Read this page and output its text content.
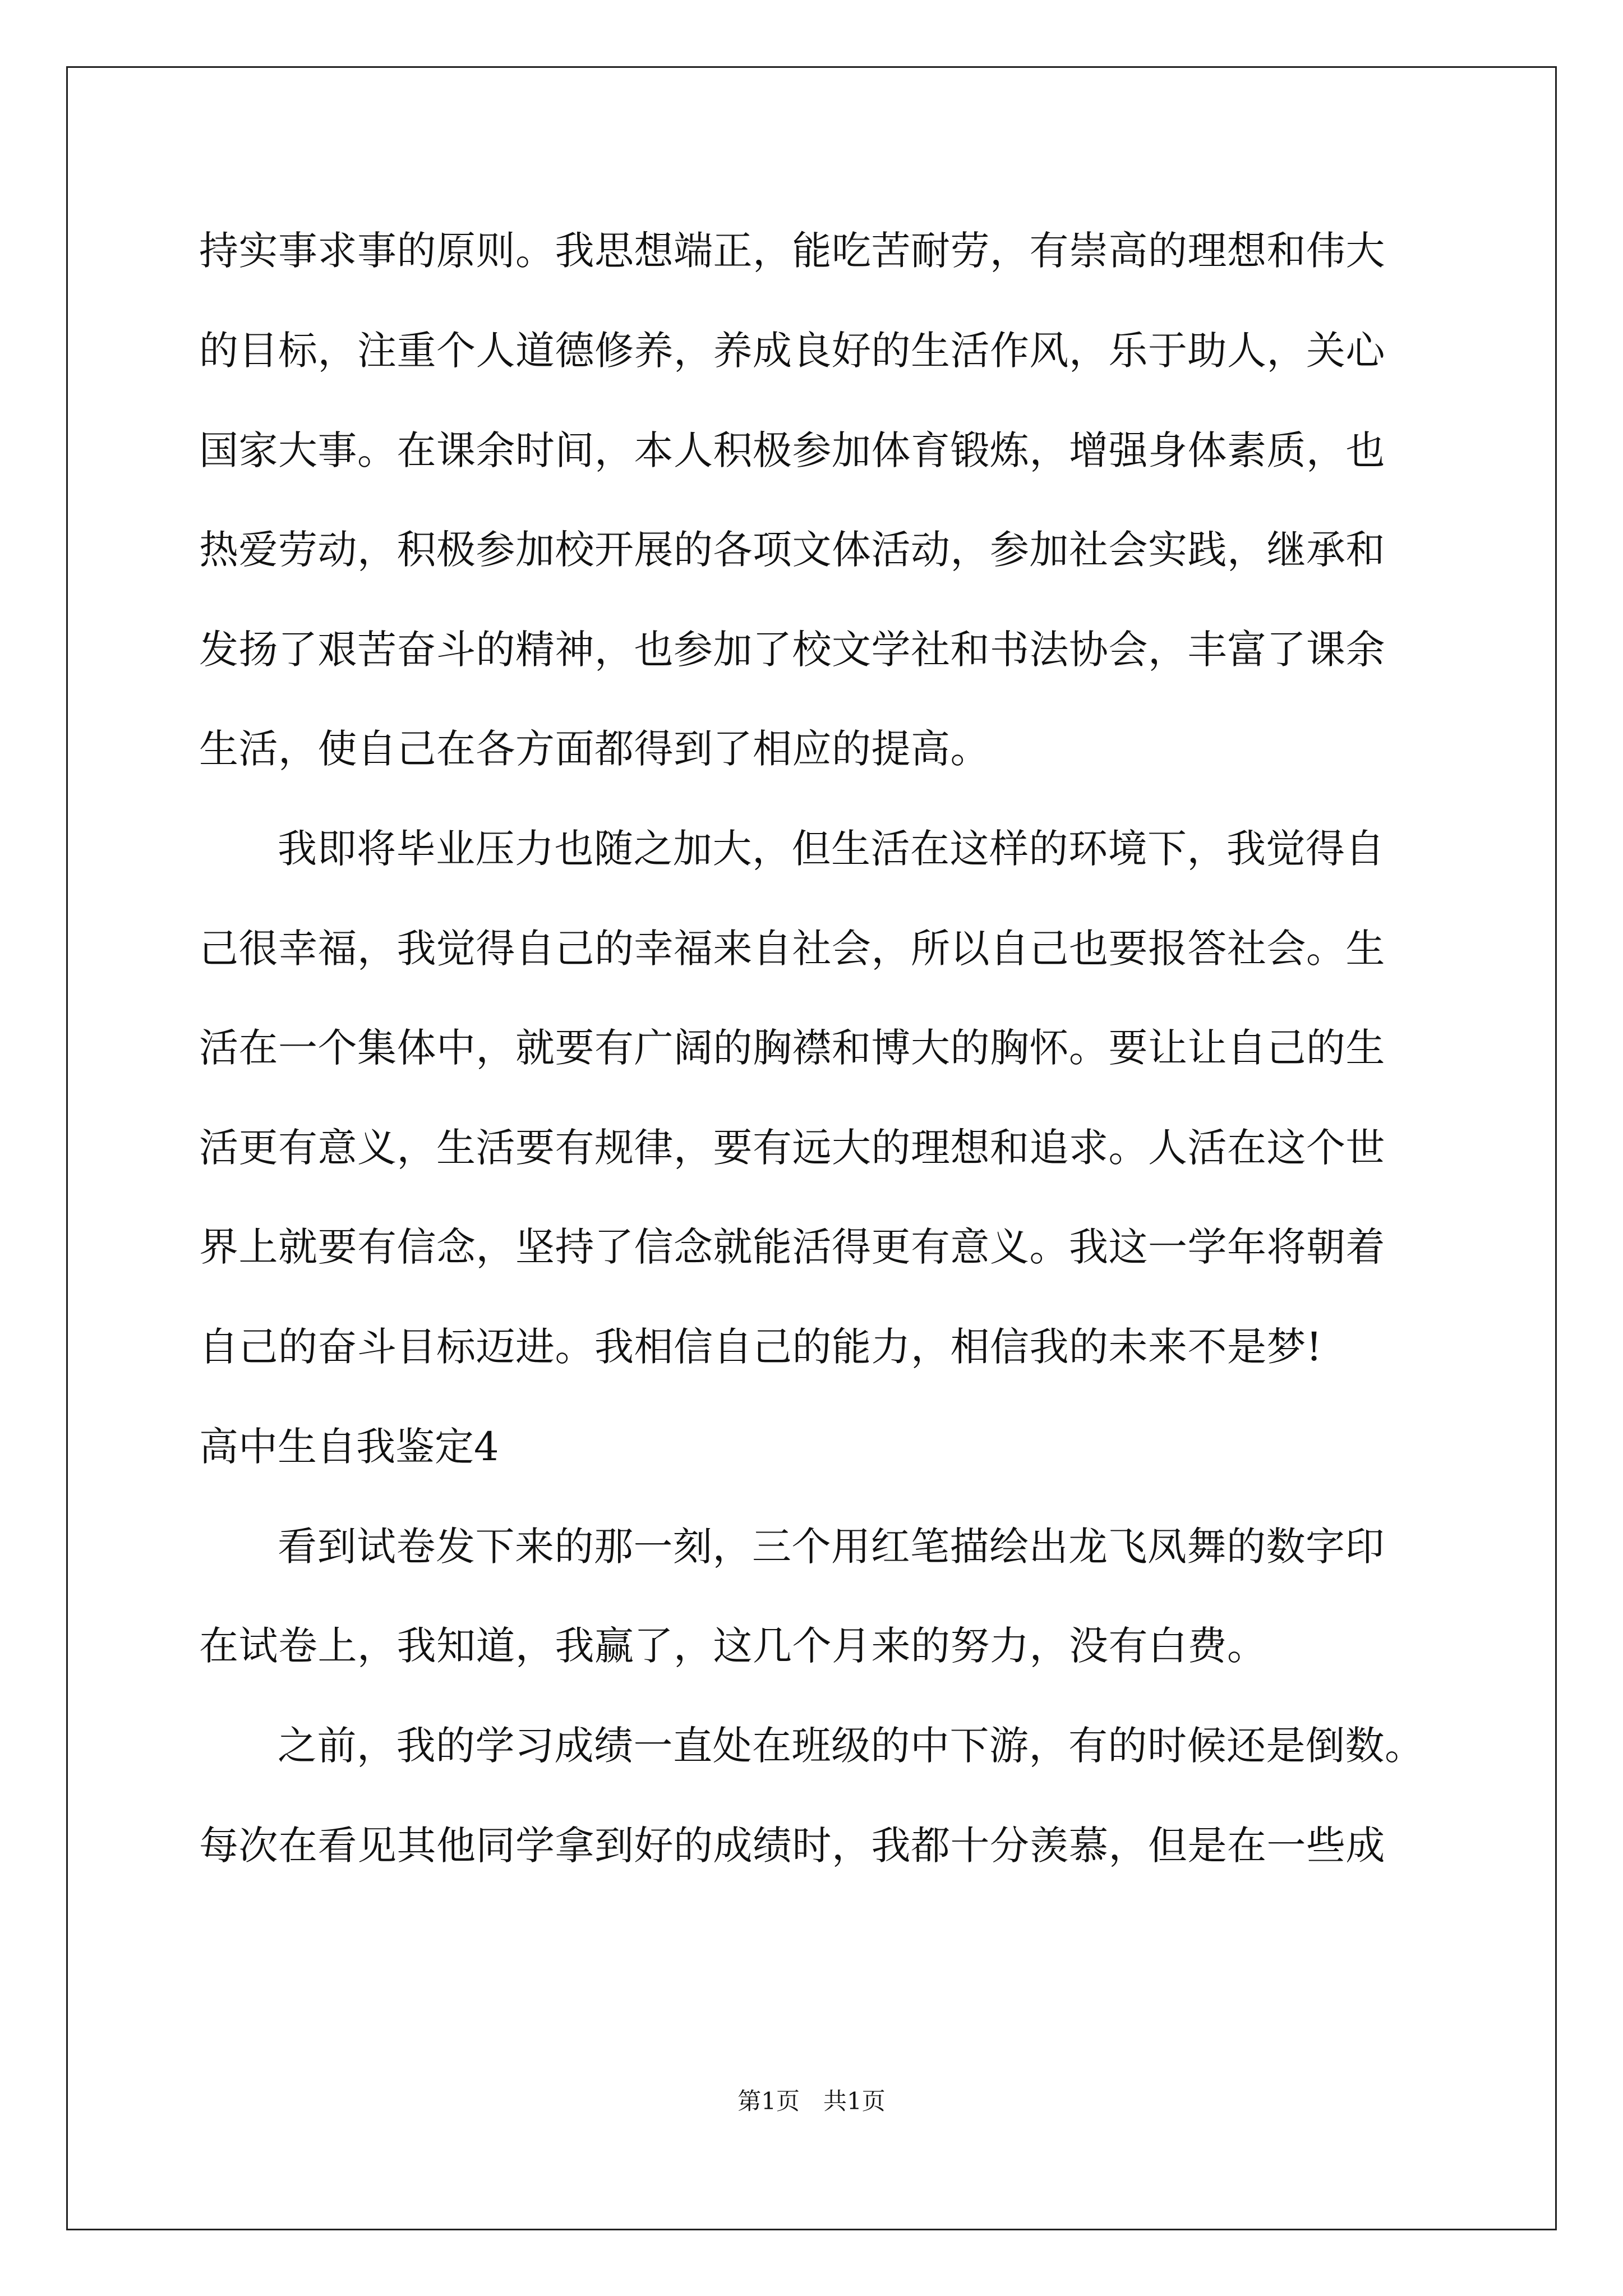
持实事求事的原则。我思想端正，能吃苦耐劳，有崇高的理想和伟大
的目标，注重个人道德修养，养成良好的生活作风，乐于助人，关心
国家大事。在课余时间，本人积极参加体育锻炼，增强身体素质，也
热爱劳动，积极参加校开展的各项文体活动，参加社会实践，继承和
发扬了艰苦奋斗的精神，也参加了校文学社和书法协会，丰富了课余
生活，使自己在各方面都得到了相应的提高。
我即将毕业压力也随之加大，但生活在这样的环境下，我觉得自
己很幸福，我觉得自己的幸福来自社会，所以自己也要报答社会。生
活在一个集体中，就要有广阔的胸襟和博大的胸怀。要让让自己的生
活更有意义，生活要有规律，要有远大的理想和追求。人活在这个世
界上就要有信念，坚持了信念就能活得更有意义。我这一学年将朝着
自己的奋斗目标迈进。我相信自己的能力，相信我的未来不是梦!
高中生自我鉴定4
看到试卷发下来的那一刻，三个用红笔描绘出龙飞凤舞的数字印
在试卷上，我知道，我赢了，这几个月来的努力，没有白费。
之前，我的学习成绩一直处在班级的中下游，有的时候还是倒数。
每次在看见其他同学拿到好的成绩时，我都十分羡慕，但是在一些成
第1页　共1页
